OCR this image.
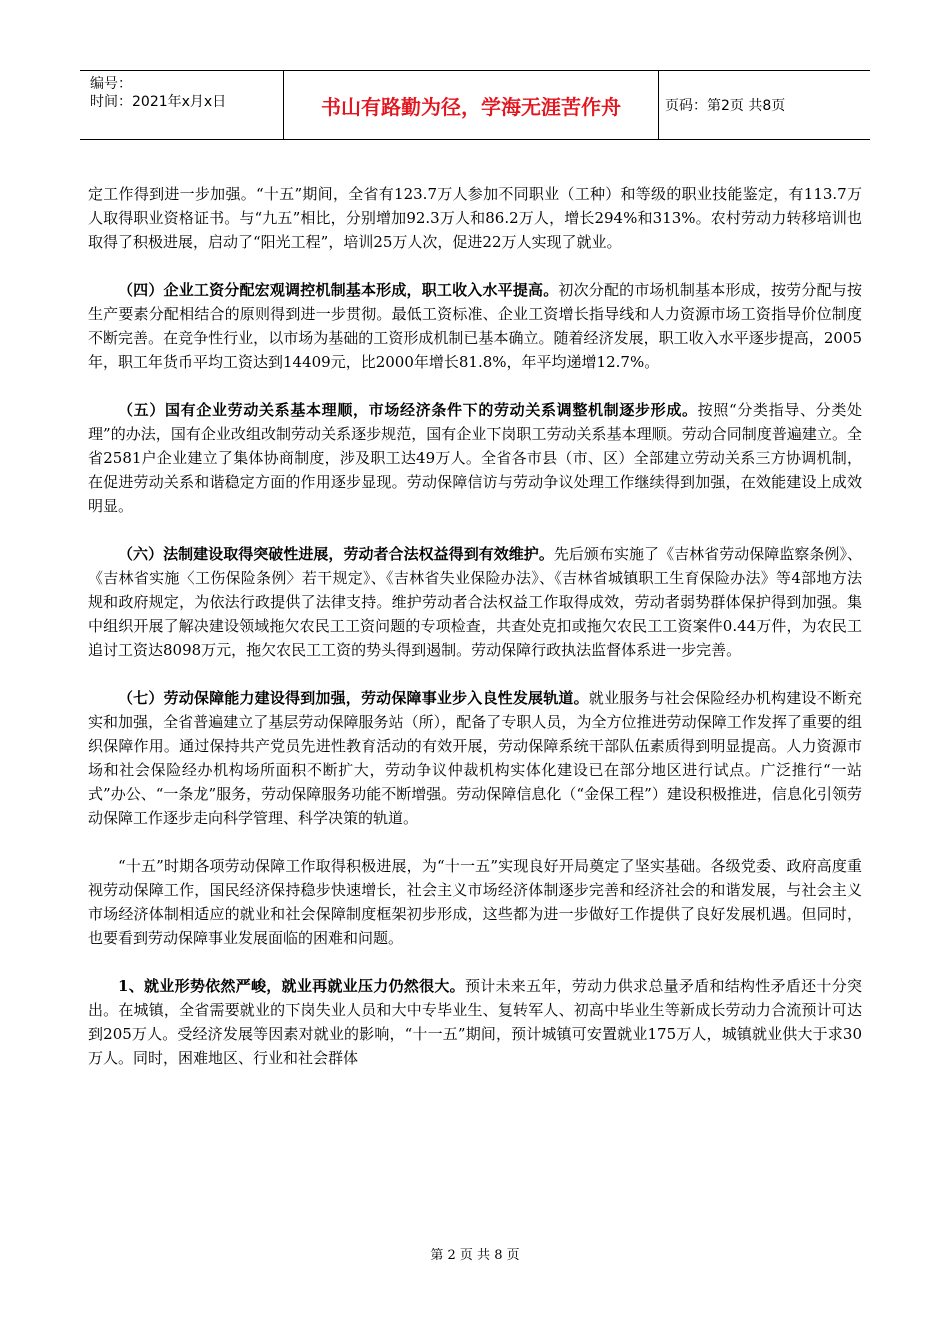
编号：
时间：2021年x月x日	书山有路勤为径，学海无涯苦作舟	页码：第2页 共8页

定工作得到进一步加强。“十五”期间，全省有123.7万人参加不同职业（工种）和等级的职业技能鉴定，有113.7万人取得职业资格证书。与“九五”相比，分别增加92.3万人和86.2万人，增长294%和313%。农村劳动力转移培训也取得了积极进展，启动了“阳光工程”，培训25万人次，促进22万人实现了就业。

（四）企业工资分配宏观调控机制基本形成，职工收入水平提高。初次分配的市场机制基本形成，按劳分配与按生产要素分配相结合的原则得到进一步贯彻。最低工资标准、企业工资增长指导线和人力资源市场工资指导价位制度不断完善。在竞争性行业，以市场为基础的工资形成机制已基本确立。随着经济发展，职工收入水平逐步提高，2005年，职工年货币平均工资达到14409元，比2000年增长81.8%，年平均递增12.7%。

（五）国有企业劳动关系基本理顺，市场经济条件下的劳动关系调整机制逐步形成。按照“分类指导、分类处理”的办法，国有企业改组改制劳动关系逐步规范，国有企业下岗职工劳动关系基本理顺。劳动合同制度普遍建立。全省2581户企业建立了集体协商制度，涉及职工达49万人。全省各市县（市、区）全部建立劳动关系三方协调机制，在促进劳动关系和谐稳定方面的作用逐步显现。劳动保障信访与劳动争议处理工作继续得到加强，在效能建设上成效明显。

（六）法制建设取得突破性进展，劳动者合法权益得到有效维护。先后颁布实施了《吉林省劳动保障监察条例》、《吉林省实施〈工伤保险条例〉若干规定》、《吉林省失业保险办法》、《吉林省城镇职工生育保险办法》等4部地方法规和政府规定，为依法行政提供了法律支持。维护劳动者合法权益工作取得成效，劳动者弱势群体保护得到加强。集中组织开展了解决建设领域拖欠农民工工资问题的专项检查，共查处克扣或拖欠农民工工资案件0.44万件，为农民工追讨工资达8098万元，拖欠农民工工资的势头得到遏制。劳动保障行政执法监督体系进一步完善。

（七）劳动保障能力建设得到加强，劳动保障事业步入良性发展轨道。就业服务与社会保险经办机构建设不断充实和加强，全省普遍建立了基层劳动保障服务站（所），配备了专职人员，为全方位推进劳动保障工作发挥了重要的组织保障作用。通过保持共产党员先进性教育活动的有效开展，劳动保障系统干部队伍素质得到明显提高。人力资源市场和社会保险经办机构场所面积不断扩大，劳动争议仲裁机构实体化建设已在部分地区进行试点。广泛推行“一站式”办公、“一条龙”服务，劳动保障服务功能不断增强。劳动保障信息化（“金保工程”）建设积极推进，信息化引领劳动保障工作逐步走向科学管理、科学决策的轨道。

“十五”时期各项劳动保障工作取得积极进展，为“十一五”实现良好开局奠定了坚实基础。各级党委、政府高度重视劳动保障工作，国民经济保持稳步快速增长，社会主义市场经济体制逐步完善和经济社会的和谐发展，与社会主义市场经济体制相适应的就业和社会保障制度框架初步形成，这些都为进一步做好工作提供了良好发展机遇。但同时，也要看到劳动保障事业发展面临的困难和问题。

1、就业形势依然严峻，就业再就业压力仍然很大。预计未来五年，劳动力供求总量矛盾和结构性矛盾还十分突出。在城镇，全省需要就业的下岗失业人员和大中专毕业生、复转军人、初高中毕业生等新成长劳动力合流预计可达到205万人。受经济发展等因素对就业的影响，“十一五”期间，预计城镇可安置就业175万人，城镇就业供大于求30万人。同时，困难地区、行业和社会群体

第 2 页 共 8 页
